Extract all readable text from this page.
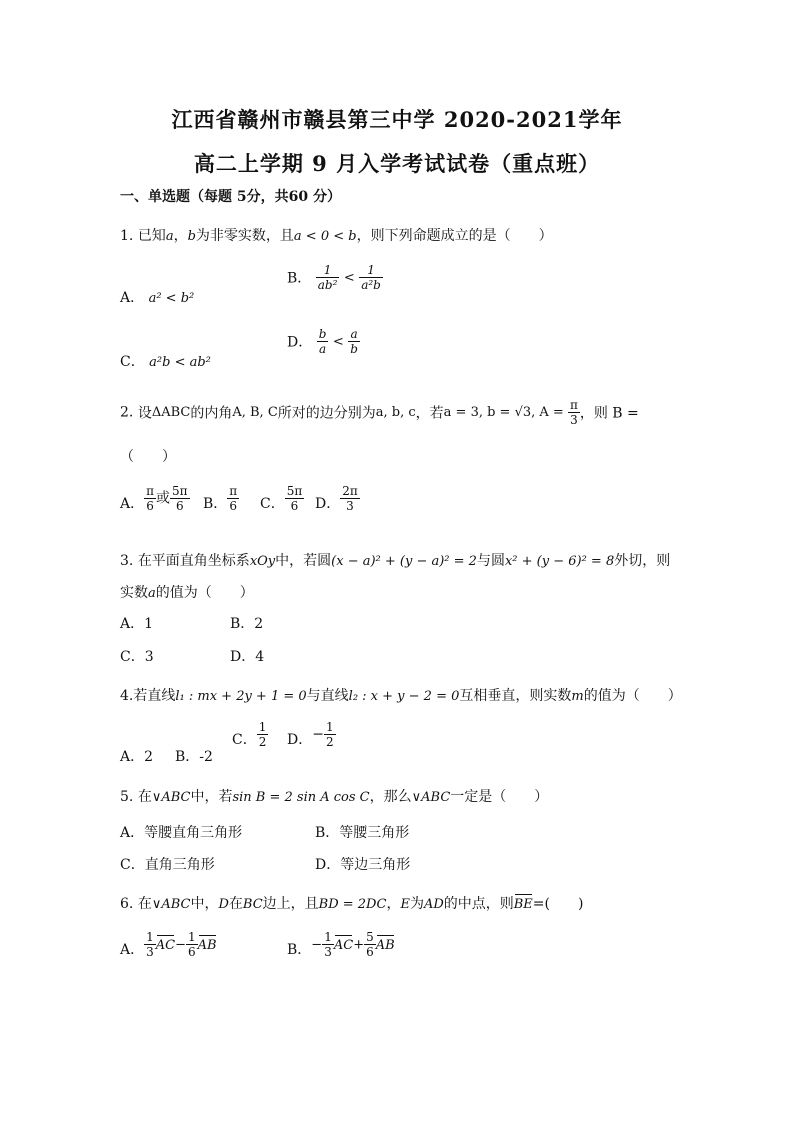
江西省赣州市赣县第三中学 2020-2021学年
高二上学期 9 月入学考试试卷（重点班）
一、单选题（每题 5分，共60 分）
1. 已知a，b为非零实数，且a < 0 < b，则下列命题成立的是（　　）
A． a² < b²
B． $\frac{1}{\text{ab²}} < \frac{1}{\text{a²b}}$
C． a²b < ab²
D． $\frac{b}{a} < \frac{a}{b}$
2. 设ΔABC的内角A, B, C所对的边分别为a, b, c，若a = 3, b = √3, $A = \frac{\pi}{3}$ ，则 B =
（　　）
A． $\frac{\pi}{6}$ 或 $\frac{5\pi}{6}$ B． $\frac{\pi}{6}$ C． $\frac{5\pi}{6}$ D． $\frac{2\pi}{3}$
3. 在平面直角坐标系xOy中，若圆(x − a)² + (y − a)² = 2与圆x² + (y − 6)² = 8外切，则
实数a的值为（　　）
A．1	B．2
C．3	D．4
4.若直线l₁ : mx + 2y + 1 = 0与直线l₂ : x + y − 2 = 0互相垂直，则实数m的值为（　　）
A．2 B．-2
C． $\frac{1}{2}$ D．− $\frac{1}{2}$
5. 在∨ABC中，若sin B = 2 sin A cos C，那么∨ABC一定是（　　）
A．等腰直角三角形	B．等腰三角形
C．直角三角形	D．等边三角形
6. 在∨ABC中，D在BC边上，且BD = 2DC，E为AD的中点，则BE=(　　)
A． $\frac{1}{3} AC- \frac{1}{6}$ AB	B．− $\frac{1}{3} AC+ \frac{5}{6}$ AB
